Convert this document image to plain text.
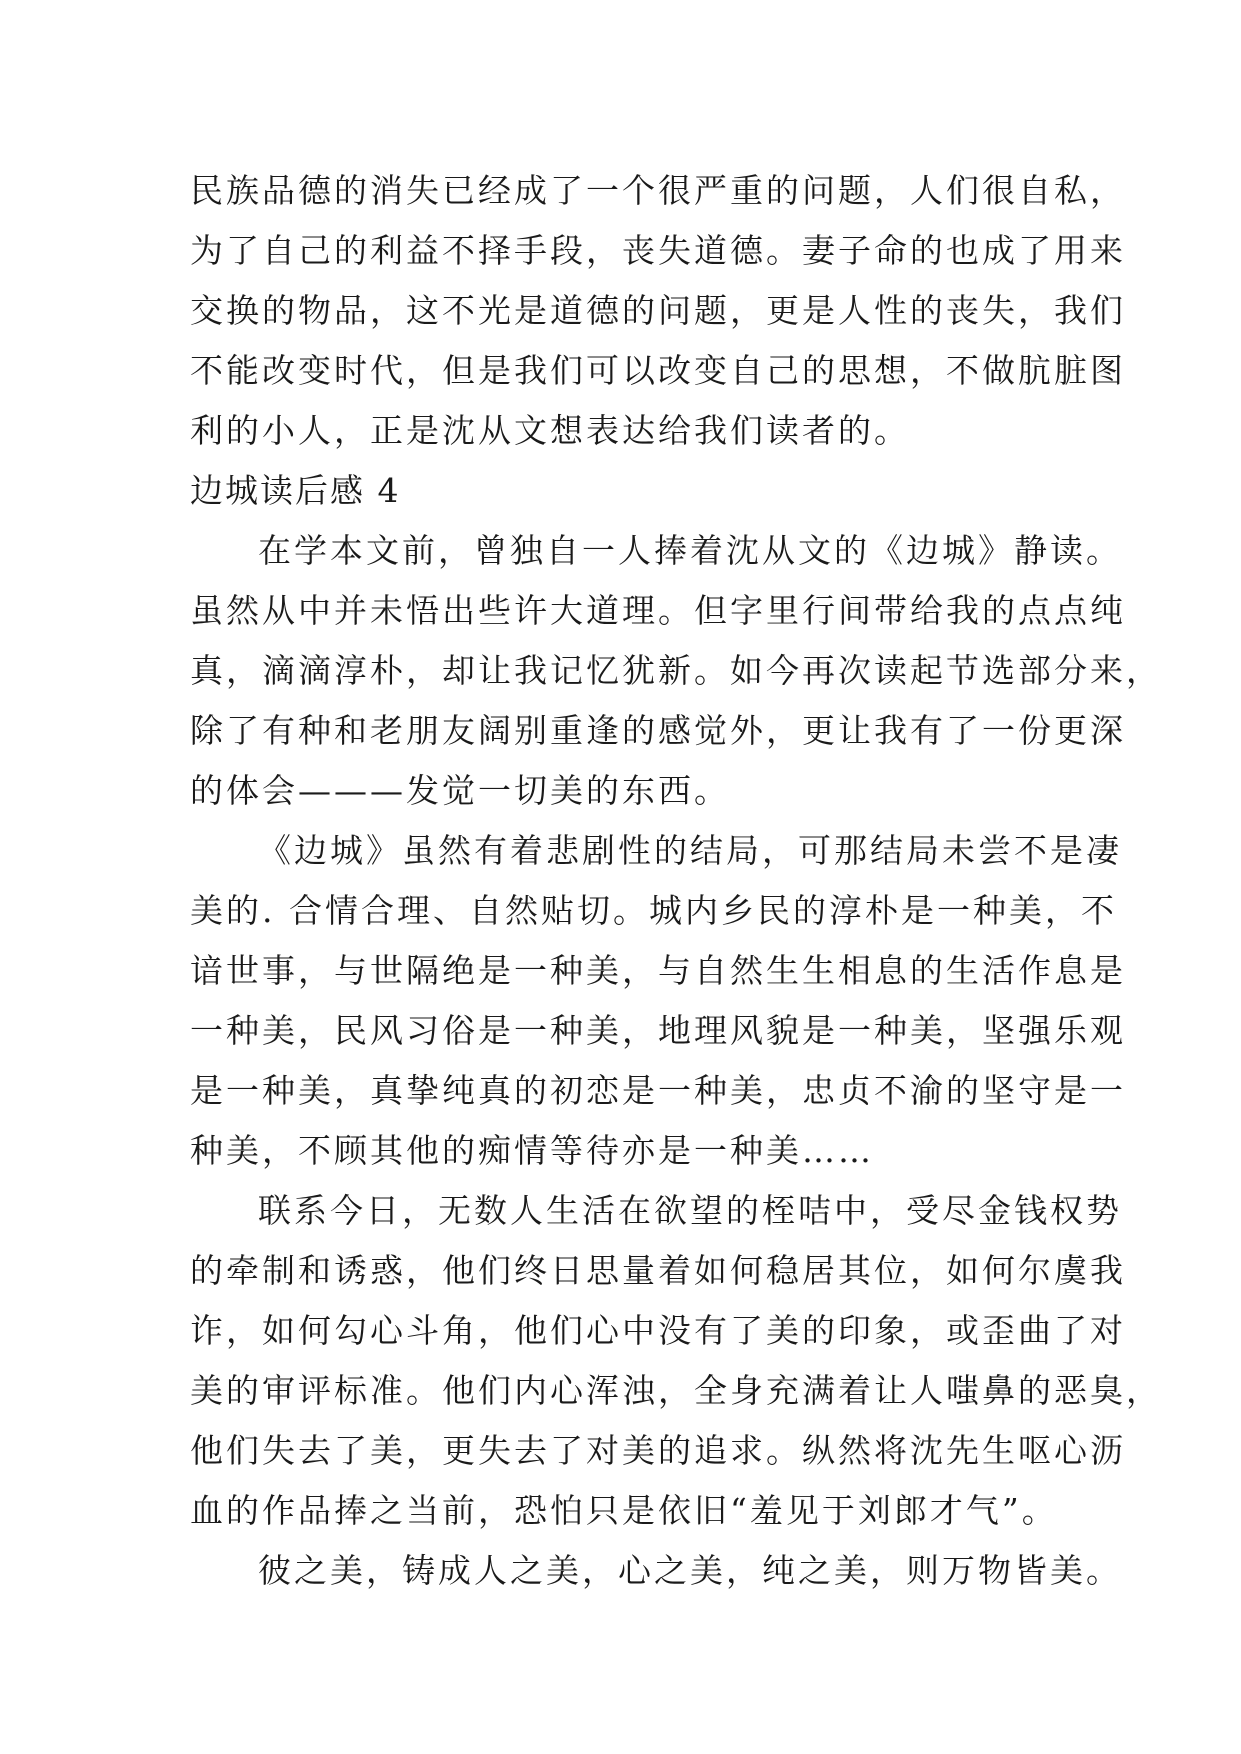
民族品德的消失已经成了一个很严重的问题，人们很自私，
为了自己的利益不择手段，丧失道德。妻子命的也成了用来
交换的物品，这不光是道德的问题，更是人性的丧失，我们
不能改变时代，但是我们可以改变自己的思想，不做肮脏图
利的小人，正是沈从文想表达给我们读者的。
边城读后感 4
在学本文前，曾独自一人捧着沈从文的《边城》静读。
虽然从中并未悟出些许大道理。但字里行间带给我的点点纯
真，滴滴淳朴，却让我记忆犹新。如今再次读起节选部分来，
除了有种和老朋友阔别重逢的感觉外，更让我有了一份更深
的体会———发觉一切美的东西。
《边城》虽然有着悲剧性的结局，可那结局未尝不是凄
美的. 合情合理、自然贴切。城内乡民的淳朴是一种美，不
谙世事，与世隔绝是一种美，与自然生生相息的生活作息是
一种美，民风习俗是一种美，地理风貌是一种美，坚强乐观
是一种美，真挚纯真的初恋是一种美，忠贞不渝的坚守是一
种美，不顾其他的痴情等待亦是一种美……
联系今日，无数人生活在欲望的桎咭中，受尽金钱权势
的牵制和诱惑，他们终日思量着如何稳居其位，如何尔虞我
诈，如何勾心斗角，他们心中没有了美的印象，或歪曲了对
美的审评标准。他们内心浑浊，全身充满着让人嗤鼻的恶臭，
他们失去了美，更失去了对美的追求。纵然将沈先生呕心沥
血的作品捧之当前，恐怕只是依旧“羞见于刘郎才气”。
彼之美，铸成人之美，心之美，纯之美，则万物皆美。
